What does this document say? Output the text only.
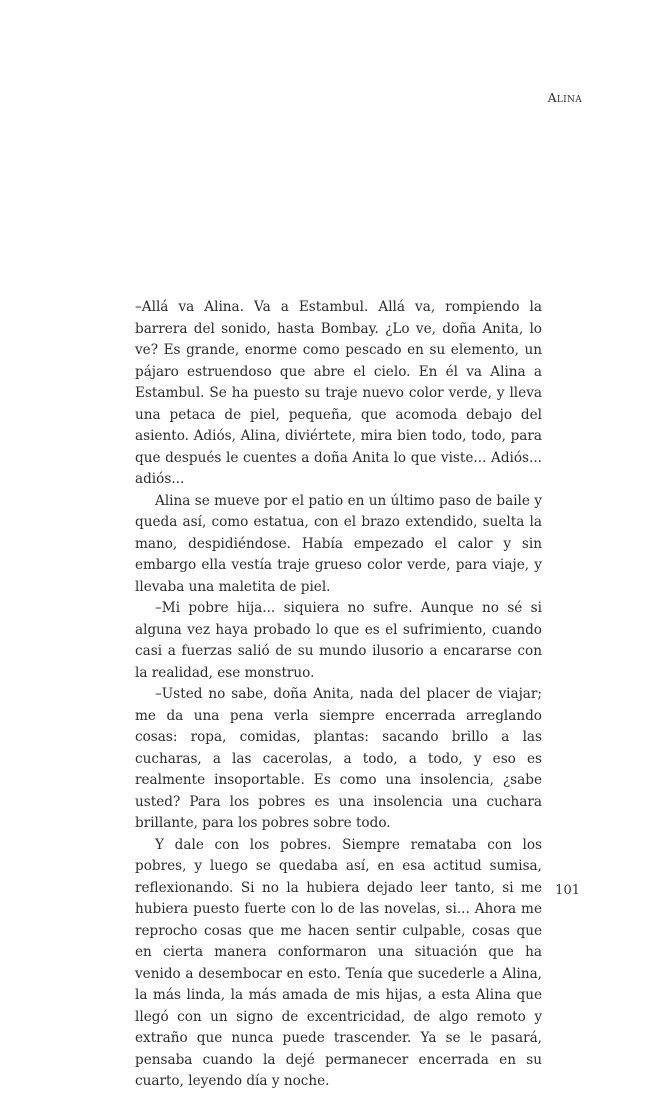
Alina

–Allá va Alina. Va a Estambul. Allá va, rompiendo la barrera del sonido, hasta Bombay. ¿Lo ve, doña Anita, lo ve? Es grande, enorme como pescado en su elemento, un pájaro estruendoso que abre el cielo. En él va Alina a Estambul. Se ha puesto su traje nuevo color verde, y lleva una petaca de piel, pequeña, que acomoda debajo del asiento. Adiós, Alina, diviértete, mira bien todo, todo, para que después le cuentes a doña Anita lo que viste... Adiós... adiós...

Alina se mueve por el patio en un último paso de baile y queda así, como estatua, con el brazo extendido, suelta la mano, despidiéndose. Había empezado el calor y sin embargo ella vestía traje grueso color verde, para viaje, y llevaba una maletita de piel.

–Mi pobre hija... siquiera no sufre. Aunque no sé si alguna vez haya probado lo que es el sufrimiento, cuando casi a fuerzas salió de su mundo ilusorio a encararse con la realidad, ese monstruo.

–Usted no sabe, doña Anita, nada del placer de viajar; me da una pena verla siempre encerrada arreglando cosas: ropa, comidas, plantas: sacando brillo a las cucharas, a las cacerolas, a todo, a todo, y eso es realmente insoportable. Es como una insolencia, ¿sabe usted? Para los pobres es una insolencia una cuchara brillante, para los pobres sobre todo.

Y dale con los pobres. Siempre remataba con los pobres, y luego se quedaba así, en esa actitud sumisa, reflexionando. Si no la hubiera dejado leer tanto, si me hubiera puesto fuerte con lo de las novelas, si... Ahora me reprocho cosas que me hacen sentir culpable, cosas que en cierta manera conformaron una situación que ha venido a desembocar en esto. Tenía que sucederle a Alina, la más linda, la más amada de mis hijas, a esta Alina que llegó con un signo de excentricidad, de algo remoto y extraño que nunca puede trascender. Ya se le pasará, pensaba cuando la dejé permanecer encerrada en su cuarto, leyendo día y noche.

101
